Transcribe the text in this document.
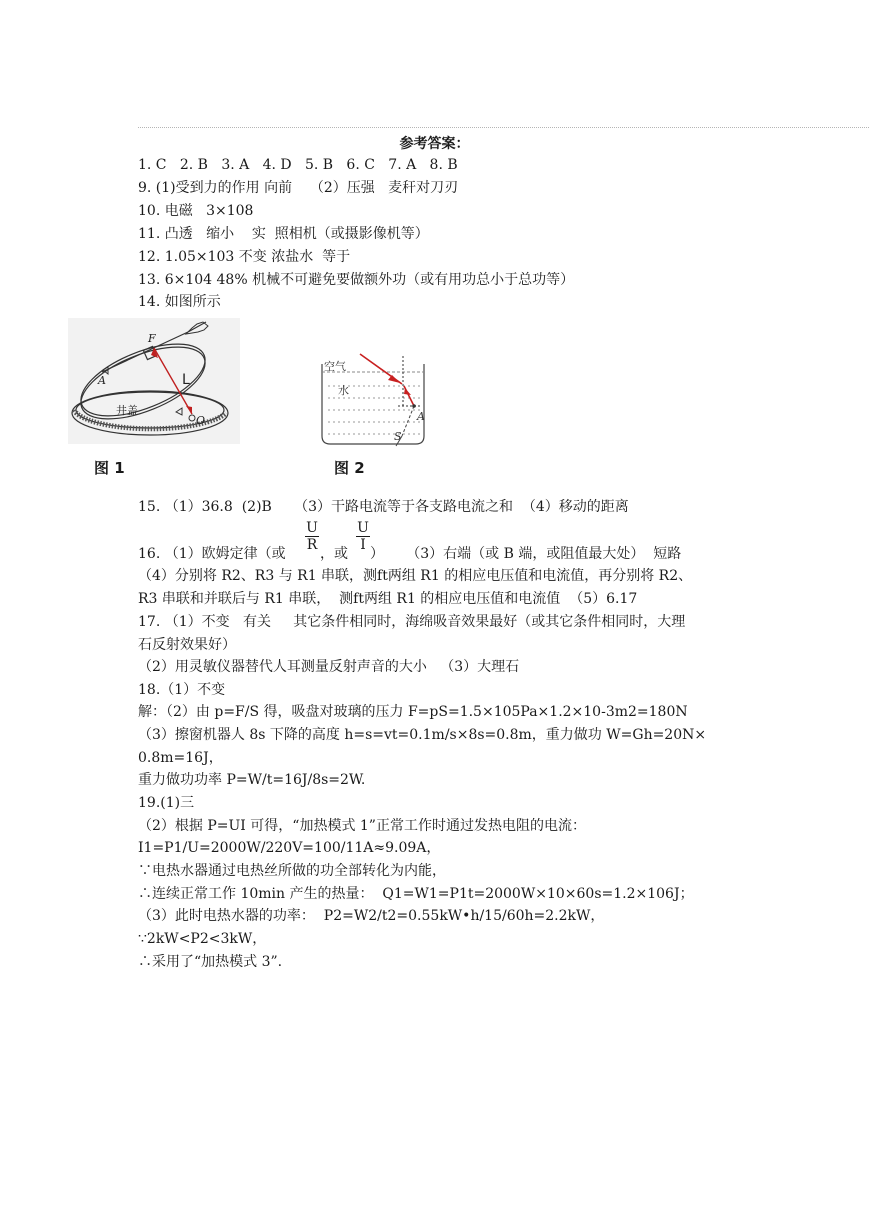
参考答案：
1. C   2. B   3. A   4. D   5. B   6. C   7. A   8. B
9. (1)受到力的作用 向前    （2）压强   麦秆对刀刃
10. 电磁   3×108
11. 凸透   缩小    实  照相机（或摄影像机等）
12. 1.05×103 不变 浓盐水  等于
13. 6×104 48% 机械不可避免要做额外功（或有用功总小于总功等）
14. 如图所示
F
A	L
井盖
O
图 1
空气
水
A
S
图 2
15. （1）36.8  (2)B     （3）干路电流等于各支路电流之和  （4）移动的距离
16. （1）欧姆定律（或
$\frac{U}{R}$
，或
$\frac{U}{I}$
）     （3）右端（或 B 端，或阻值最大处）  短路
（4）分别将 R2、R3 与 R1 串联，测ft两组 R1 的相应电压值和电流值，再分别将 R2、
R3 串联和并联后与 R1 串联，  测ft两组 R1 的相应电压值和电流值  （5）6.17
17. （1）不变   有关     其它条件相同时，海绵吸音效果最好（或其它条件相同时，大理
石反射效果好）
（2）用灵敏仪器替代人耳测量反射声音的大小   （3）大理石
18.（1）不变
解：（2）由 p=F/S 得，吸盘对玻璃的压力 F=pS=1.5×105Pa×1.2×10-3m2=180N
（3）擦窗机器人 8s 下降的高度 h=s=vt=0.1m/s×8s=0.8m，重力做功 W=Gh=20N×
0.8m=16J，
重力做功功率 P=W/t=16J/8s=2W.
19.(1)三
（2）根据 P=UI 可得，“加热模式 1”正常工作时通过发热电阻的电流：
I1=P1/U=2000W/220V=100/11A≈9.09A，
∵电热水器通过电热丝所做的功全部转化为内能，
∴连续正常工作 10min 产生的热量：  Q1=W1=P1t=2000W×10×60s=1.2×106J；
（3）此时电热水器的功率：  P2=W2/t2=0.55kW•h/15/60h=2.2kW，
∵2kW<P2<3kW，
∴采用了“加热模式 3”.
